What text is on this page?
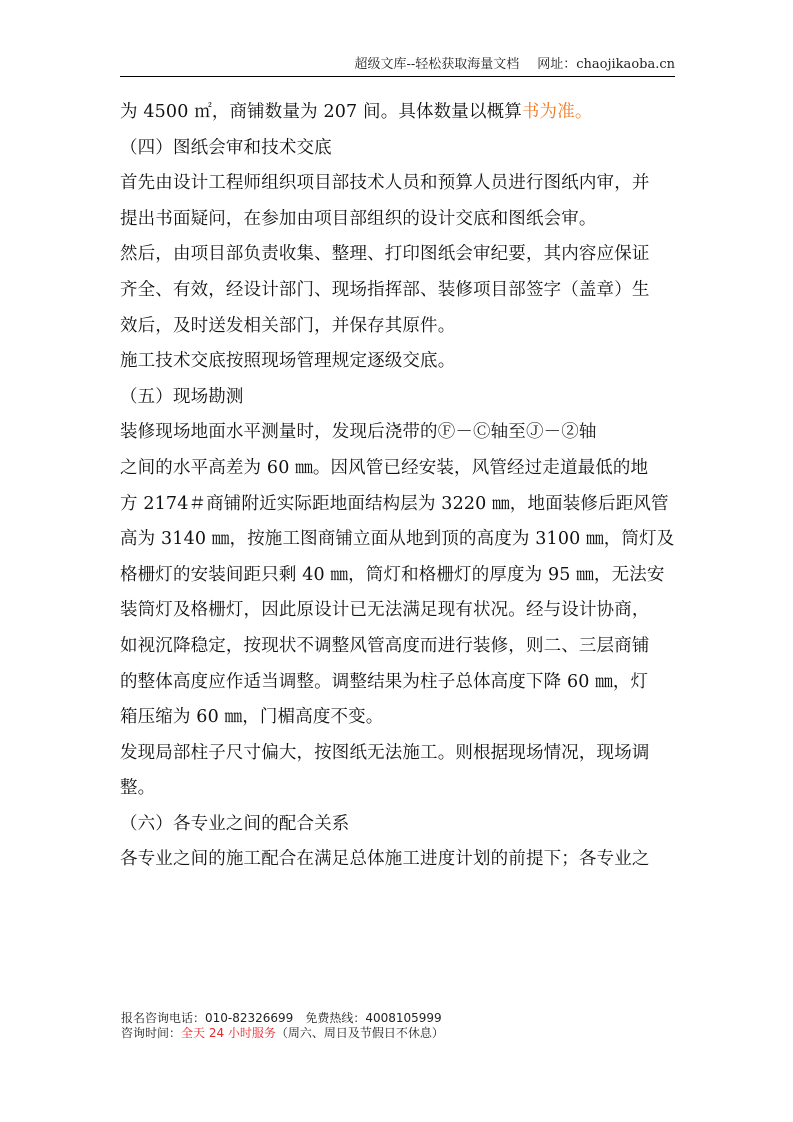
超级文库--轻松获取海量文档 网址：chaojikaoba.cn
为 4500 ㎡，商铺数量为 207 间。具体数量以概算书为准。
（四）图纸会审和技术交底
首先由设计工程师组织项目部技术人员和预算人员进行图纸内审，并
提出书面疑问，在参加由项目部组织的设计交底和图纸会审。
然后，由项目部负责收集、整理、打印图纸会审纪要，其内容应保证
齐全、有效，经设计部门、现场指挥部、装修项目部签字（盖章）生
效后，及时送发相关部门，并保存其原件。
施工技术交底按照现场管理规定逐级交底。
（五）现场勘测
装修现场地面水平测量时，发现后浇带的Ⓕ－Ⓒ轴至Ⓙ－②轴
之间的水平高差为 60 ㎜。因风管已经安装，风管经过走道最低的地
方 2174＃商铺附近实际距地面结构层为 3220 ㎜，地面装修后距风管
高为 3140 ㎜，按施工图商铺立面从地到顶的高度为 3100 ㎜，筒灯及
格栅灯的安装间距只剩 40 ㎜，筒灯和格栅灯的厚度为 95 ㎜，无法安
装筒灯及格栅灯，因此原设计已无法满足现有状况。经与设计协商，
如视沉降稳定，按现状不调整风管高度而进行装修，则二、三层商铺
的整体高度应作适当调整。调整结果为柱子总体高度下降 60 ㎜，灯
箱压缩为 60 ㎜，门楣高度不变。
发现局部柱子尺寸偏大，按图纸无法施工。则根据现场情况，现场调
整。
（六）各专业之间的配合关系
各专业之间的施工配合在满足总体施工进度计划的前提下；各专业之
报名咨询电话：010-82326699 免费热线：4008105999
咨询时间：全天 24 小时服务（周六、周日及节假日不休息）
